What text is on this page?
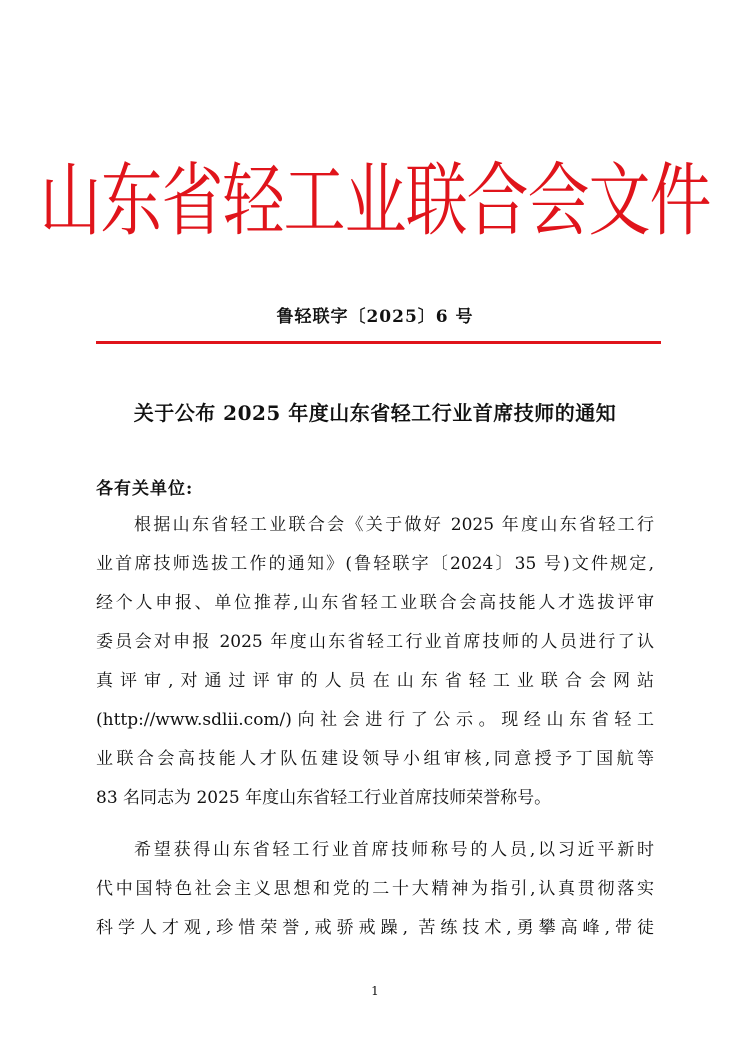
山东省轻工业联合会文件
鲁轻联字〔2025〕6 号
关于公布 2025 年度山东省轻工行业首席技师的通知
各有关单位:
根据山东省轻工业联合会《关于做好 2025 年度山东省轻工行
业首席技师选拔工作的通知》(鲁轻联字〔2024〕35 号)文件规定,
经个人申报、单位推荐,山东省轻工业联合会高技能人才选拔评审
委员会对申报 2025 年度山东省轻工行业首席技师的人员进行了认
真评审,对通过评审的人员在山东省轻工业联合会网站
(http://www.sdlii.com/)向社会进行了公示。现经山东省轻工
业联合会高技能人才队伍建设领导小组审核,同意授予丁国航等
83 名同志为 2025 年度山东省轻工行业首席技师荣誉称号。
希望获得山东省轻工行业首席技师称号的人员,以习近平新时
代中国特色社会主义思想和党的二十大精神为指引,认真贯彻落实
科学人才观,珍惜荣誉,戒骄戒躁, 苦练技术,勇攀高峰,带徒
1
